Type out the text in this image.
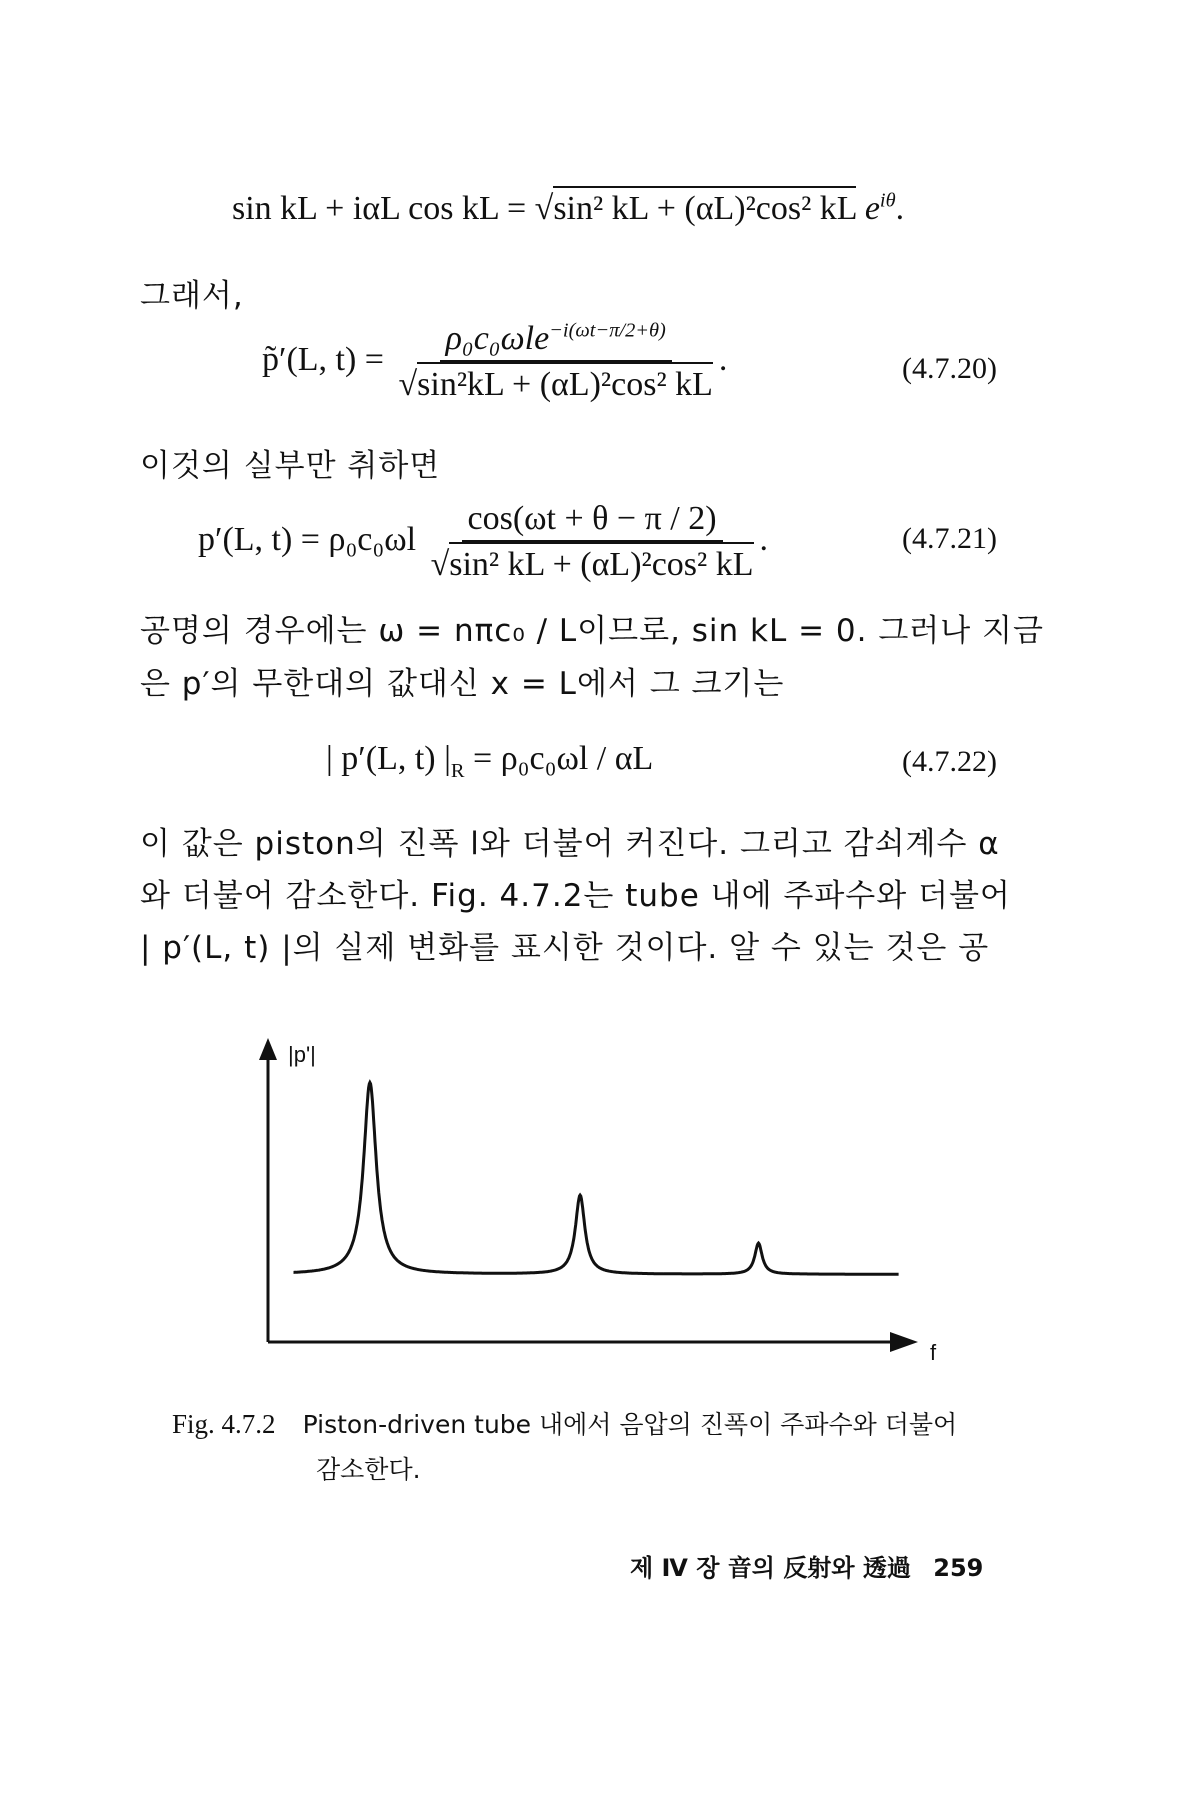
sin kL + iαL cos kL = √sin² kL + (αL)²cos² kL $e^{i\theta}$.
그래서,
p̃′(L, $t) = \frac{\rho_0c_0\omega le^{-i(\omega t-\pi/2+\theta)}}{\text{√sin²kL + (αL)²cos² kL}}$ .	(4.7.20)
이것의 실부만 취하면
p′(L, $t) = \rho_0c_0\omega l \frac{\cos(\omega t + \theta - \pi / 2)}{\text{√sin² kL + (αL)²cos² kL}}$ .	(4.7.21)
공명의 경우에는 ω = nπc₀ / L이므로, sin kL = 0. 그러나 지금
은 p′의 무한대의 값대신 x = L에서 그 크기는
| p′(L, t) $|_R = \rho_0c_0\omega l / \alpha L$	(4.7.22)
이 값은 piston의 진폭 l와 더불어 커진다. 그리고 감쇠계수 α
와 더불어 감소한다. Fig. 4.7.2는 tube 내에 주파수와 더불어
| p′(L, t) |의 실제 변화를 표시한 것이다. 알 수 있는 것은 공
|p'|
f
Fig. 4.7.2 Piston-driven tube 내에서 음압의 진폭이 주파수와 더불어
감소한다.
제 Ⅳ 장 音의 反射와 透過 259
